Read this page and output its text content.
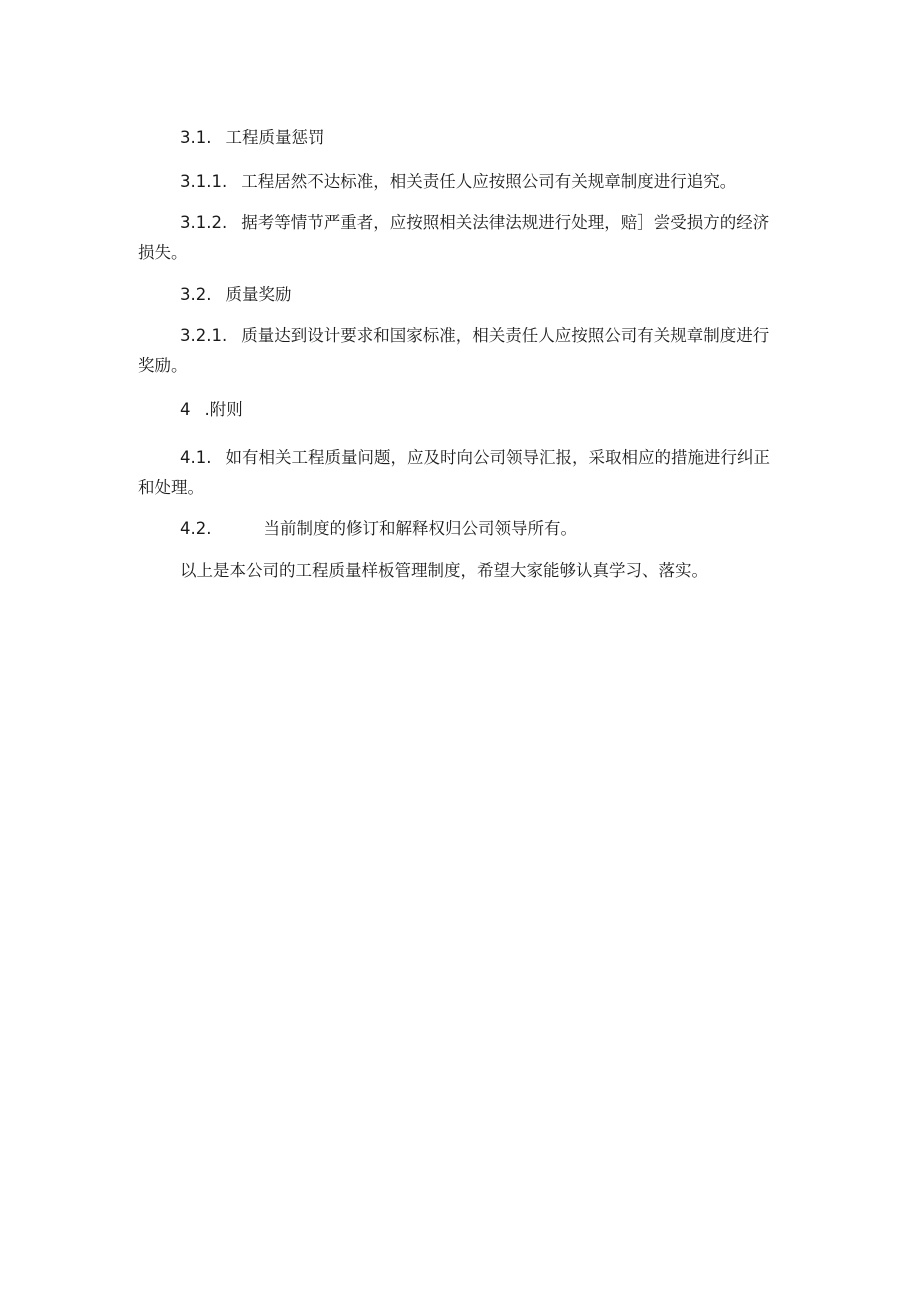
3.1. 工程质量惩罚
3.1.1. 工程居然不达标准，相关责任人应按照公司有关规章制度进行追究。
3.1.2. 据考等情节严重者，应按照相关法律法规进行处理，赔］尝受损方的经济
损失。
3.2. 质量奖励
3.2.1. 质量达到设计要求和国家标准，相关责任人应按照公司有关规章制度进行
奖励。
4 .附则
4.1. 如有相关工程质量问题，应及时向公司领导汇报，采取相应的措施进行纠正
和处理。
4.2.	当前制度的修订和解释权归公司领导所有。
以上是本公司的工程质量样板管理制度，希望大家能够认真学习、落实。
